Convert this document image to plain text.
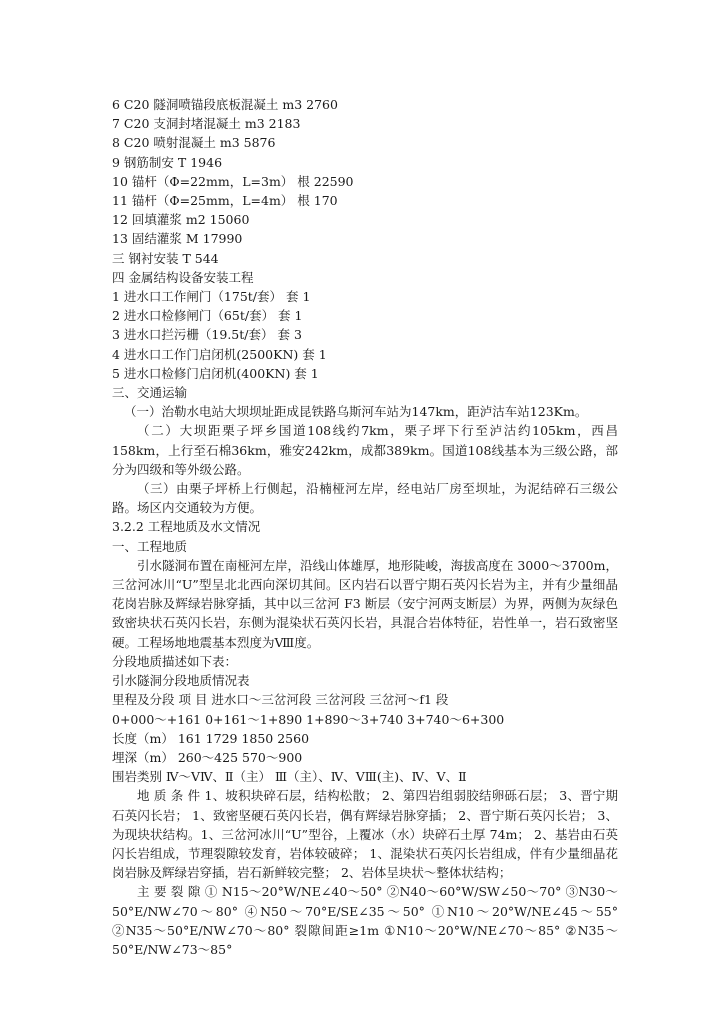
6 C20 隧洞喷锚段底板混凝土 m3 2760
7 C20 支洞封堵混凝土 m3 2183
8 C20 喷射混凝土 m3 5876
9 钢筋制安 T 1946
10 锚杆（Φ=22mm，L=3m） 根 22590
11 锚杆（Φ=25mm，L=4m） 根 170
12 回填灌浆 m2 15060
13 固结灌浆 M 17990
三 钢衬安装 T 544
四 金属结构设备安装工程
1 进水口工作闸门（175t/套） 套 1
2 进水口检修闸门（65t/套） 套 1
3 进水口拦污栅（19.5t/套） 套 3
4 进水口工作门启闭机(2500KN) 套 1
5 进水口检修门启闭机(400KN) 套 1
三、交通运输
（一）治勒水电站大坝坝址距成昆铁路乌斯河车站为147km，距泸沽车站123Km。
（二）大坝距栗子坪乡国道108线约7km，栗子坪下行至泸沽约105km，西昌158km，上行至石棉36km，雅安242km，成都389km。国道108线基本为三级公路，部分为四级和等外级公路。
（三）由栗子坪桥上行侧起，沿楠桠河左岸，经电站厂房至坝址，为泥结碎石三级公路。场区内交通较为方便。
3.2.2 工程地质及水文情况
一、工程地质
引水隧洞布置在南桠河左岸，沿线山体雄厚，地形陡峻，海拔高度在 3000～3700m，三岔河冰川“U”型呈北北西向深切其间。区内岩石以晋宁期石英闪长岩为主，并有少量细晶花岗岩脉及辉绿岩脉穿插，其中以三岔河 F3 断层（安宁河两支断层）为界，两侧为灰绿色致密块状石英闪长岩，东侧为混染状石英闪长岩，具混合岩体特征，岩性单一，岩石致密坚硬。工程场地地震基本烈度为Ⅷ度。
分段地质描述如下表：
引水隧洞分段地质情况表
里程及分段 项 目 进水口～三岔河段 三岔河段 三岔河～f1 段
0+000～+161 0+161～1+890 1+890～3+740 3+740～6+300
长度（m） 161 1729 1850 2560
埋深（m） 260～425 570～900
围岩类别 Ⅳ～ⅤⅣ、Ⅱ（主） Ⅲ（主）、Ⅳ、ⅤⅢ(主)、Ⅳ、Ⅴ、Ⅱ
地 质 条 件 1、坡积块碎石层，结构松散； 2、第四岩组弱胶结卵砾石层； 3、晋宁期石英闪长岩； 1、致密坚硬石英闪长岩，偶有辉绿岩脉穿插； 2、晋宁斯石英闪长岩； 3、为现块状结构。1、三岔河冰川“U”型谷，上覆冰（水）块碎石土厚 74m； 2、基岩由石英闪长岩组成，节理裂隙较发育，岩体较破碎； 1、混染状石英闪长岩组成，伴有少量细晶花岗岩脉及辉绿岩穿插，岩石新鲜较完整； 2、岩体呈块状～整体状结构；
主 要 裂 隙 ① N15～20°W/NE∠40～50° ②N40～60°W/SW∠50～70° ③N30～50°E/NW∠70～80° ④N50～70°E/SE∠35～50° ①N10～20°W/NE∠45～55° ②N35～50°E/NW∠70～80° 裂隙间距≥1m ①N10～20°W/NE∠70～85° ②N35～50°E/NW∠73～85°
